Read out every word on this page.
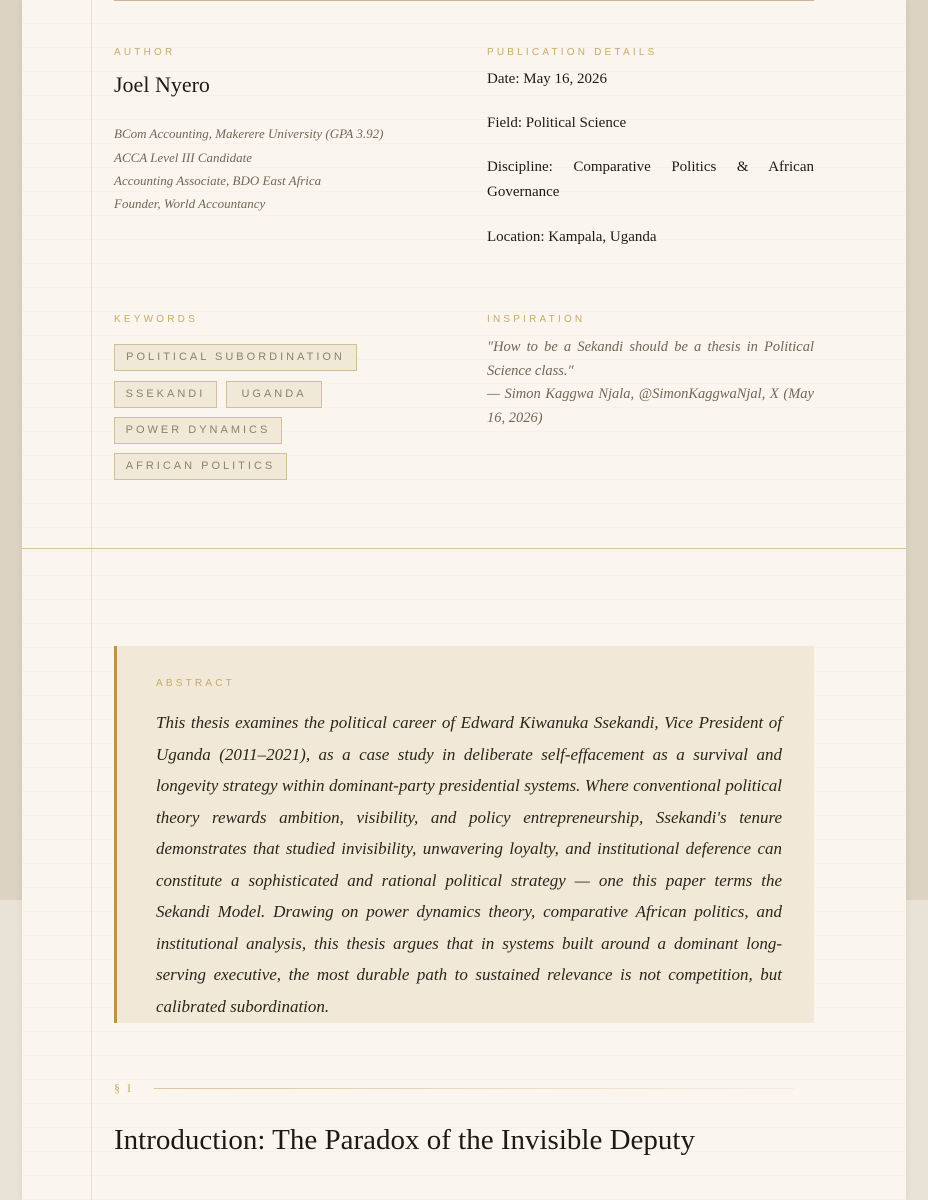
AUTHOR
Joel Nyero
BCom Accounting, Makerere University (GPA 3.92)
ACCA Level III Candidate
Accounting Associate, BDO East Africa
Founder, World Accountancy
PUBLICATION DETAILS
Date: May 16, 2026
Field: Political Science
Discipline: Comparative Politics & African Governance
Location: Kampala, Uganda
KEYWORDS
POLITICAL SUBORDINATION
SSEKANDI	UGANDA
POWER DYNAMICS
AFRICAN POLITICS
INSPIRATION
"How to be a Sekandi should be a thesis in Political Science class."
— Simon Kaggwa Njala, @SimonKaggwaNjal, X (May 16, 2026)
ABSTRACT
This thesis examines the political career of Edward Kiwanuka Ssekandi, Vice President of Uganda (2011–2021), as a case study in deliberate self-effacement as a survival and longevity strategy within dominant-party presidential systems. Where conventional political theory rewards ambition, visibility, and policy entrepreneurship, Ssekandi's tenure demonstrates that studied invisibility, unwavering loyalty, and institutional deference can constitute a sophisticated and rational political strategy — one this paper terms the Sekandi Model. Drawing on power dynamics theory, comparative African politics, and institutional analysis, this thesis argues that in systems built around a dominant long-serving executive, the most durable path to sustained relevance is not competition, but calibrated subordination.
§ I
Introduction: The Paradox of the Invisible Deputy
